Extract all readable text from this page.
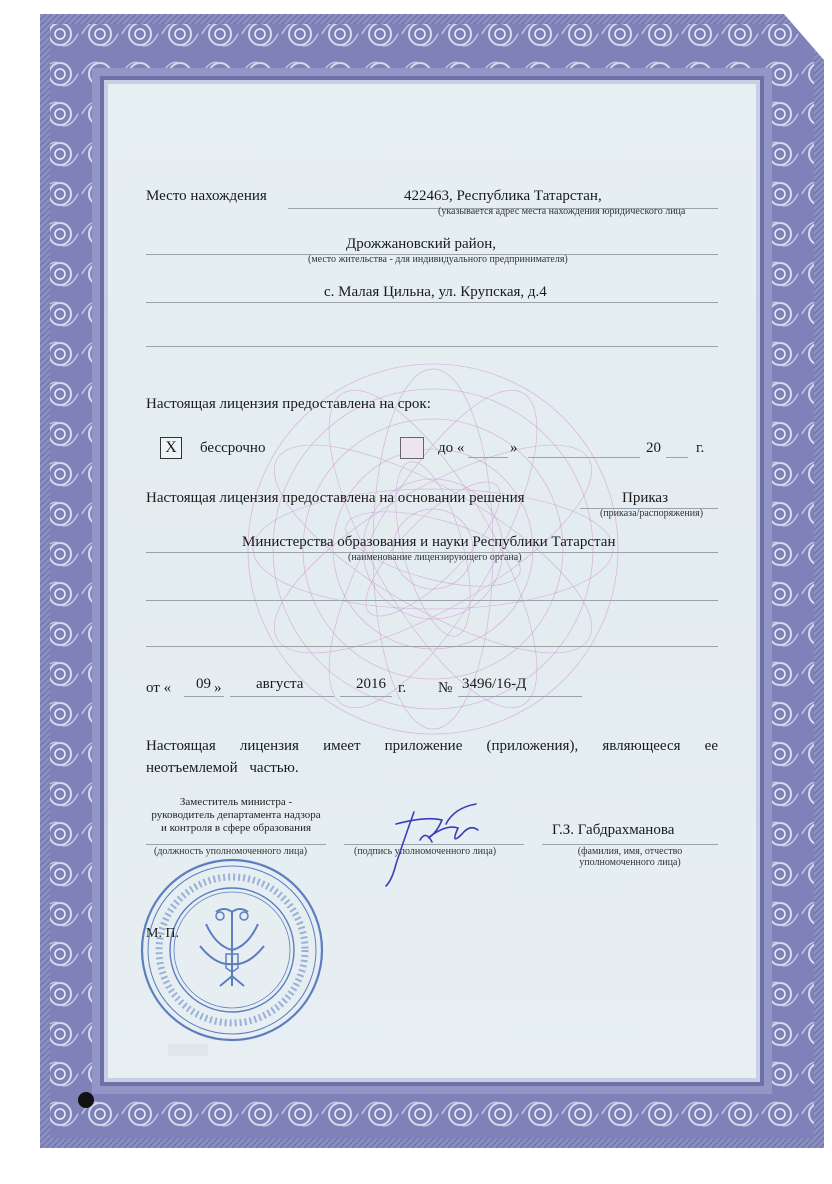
Место нахождения	422463, Республика Татарстан,
(указывается адрес места нахождения юридического лица
Дрожжановский район,
(место жительства - для индивидуального предпринимателя)
с. Малая Цильна, ул. Крупская, д.4
Настоящая лицензия предоставлена на срок:
X	бессрочно	до «	»	20 г.
Настоящая лицензия предоставлена на основании решения	Приказ
(приказа/распоряжения)
Министерства образования и науки Республики Татарстан
(наименование лицензирующего органа)
от « 09 » августа	2016 г. № 3496/16-Д
Настоящая лицензия имеет приложение (приложения), являющееся ее
неотъемлемой частью.
Заместитель министра -
руководитель департамента надзора
и контроля в сфере образования
(должность уполномоченного лица)	(подпись уполномоченного лица)
Г.З. Габдрахманова
(фамилия, имя, отчество
уполномоченного лица)
М. П.
